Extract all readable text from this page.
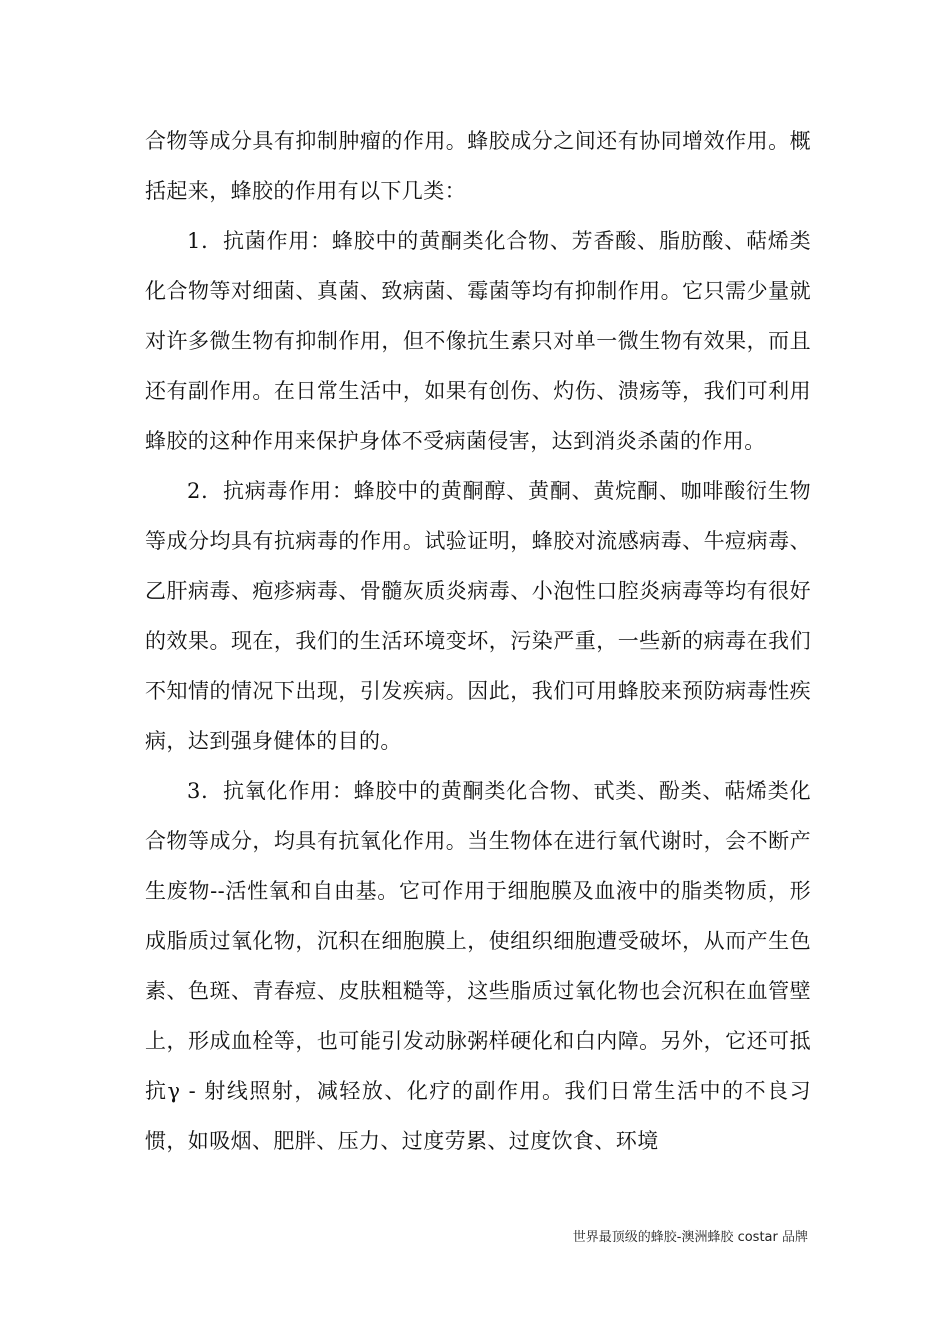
合物等成分具有抑制肿瘤的作用。蜂胶成分之间还有协同增效作用。概括起来，蜂胶的作用有以下几类：

1．抗菌作用：蜂胶中的黄酮类化合物、芳香酸、脂肪酸、萜烯类化合物等对细菌、真菌、致病菌、霉菌等均有抑制作用。它只需少量就对许多微生物有抑制作用，但不像抗生素只对单一微生物有效果，而且还有副作用。在日常生活中，如果有创伤、灼伤、溃疡等，我们可利用蜂胶的这种作用来保护身体不受病菌侵害，达到消炎杀菌的作用。

2．抗病毒作用：蜂胶中的黄酮醇、黄酮、黄烷酮、咖啡酸衍生物等成分均具有抗病毒的作用。试验证明，蜂胶对流感病毒、牛痘病毒、乙肝病毒、疱疹病毒、骨髓灰质炎病毒、小泡性口腔炎病毒等均有很好的效果。现在，我们的生活环境变坏，污染严重，一些新的病毒在我们不知情的情况下出现，引发疾病。因此，我们可用蜂胶来预防病毒性疾病，达到强身健体的目的。

3．抗氧化作用：蜂胶中的黄酮类化合物、甙类、酚类、萜烯类化合物等成分，均具有抗氧化作用。当生物体在进行氧代谢时，会不断产生废物--活性氧和自由基。它可作用于细胞膜及血液中的脂类物质，形成脂质过氧化物，沉积在细胞膜上，使组织细胞遭受破坏，从而产生色素、色斑、青春痘、皮肤粗糙等，这些脂质过氧化物也会沉积在血管壁上，形成血栓等，也可能引发动脉粥样硬化和白内障。另外，它还可抵抗γ - 射线照射，减轻放、化疗的副作用。我们日常生活中的不良习惯，如吸烟、肥胖、压力、过度劳累、过度饮食、环境

世界最顶级的蜂胶-澳洲蜂胶 costar 品牌
